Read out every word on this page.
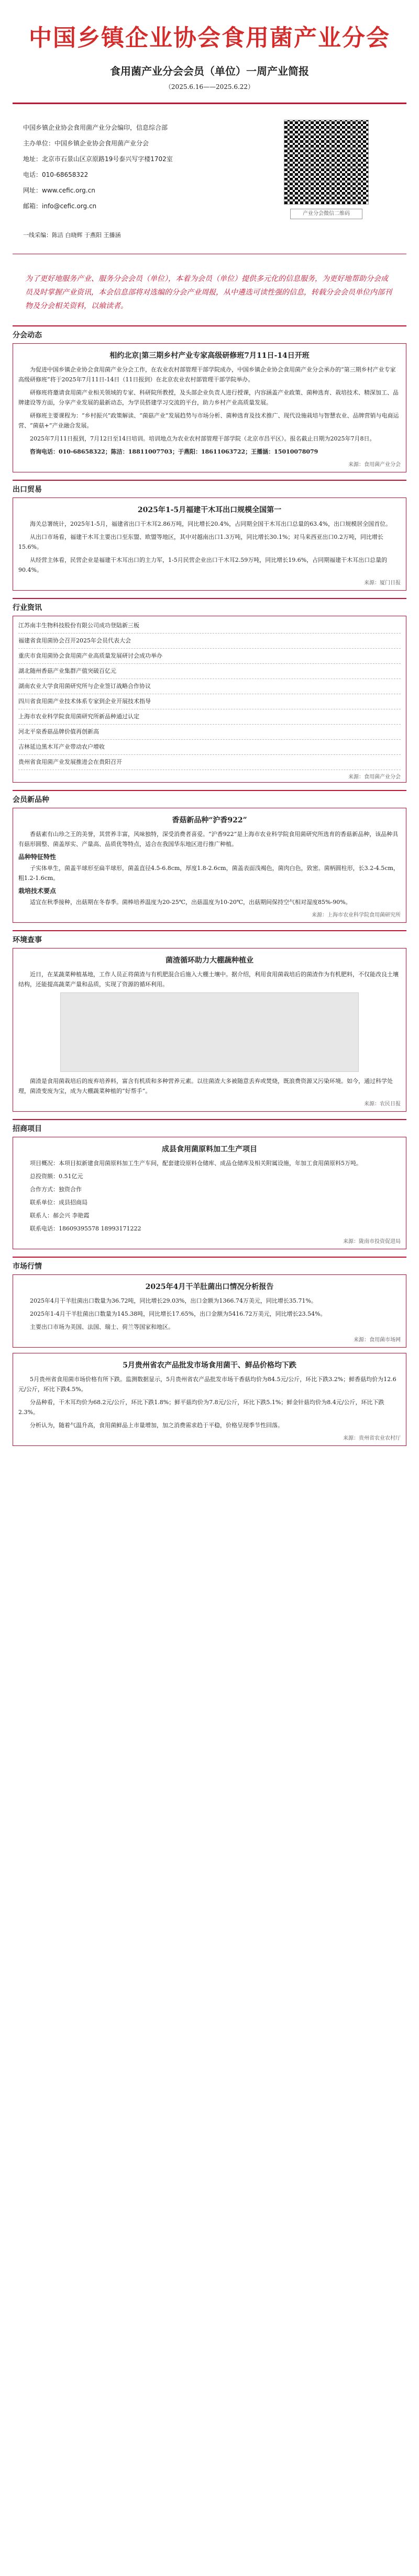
中国乡镇企业协会食用菌产业分会
食用菌产业分会会员（单位）一周产业简报
（2025.6.16——2025.6.22）
中国乡镇企业协会食用菌产业分会编印，信息综合部
主办单位：中国乡镇企业协会食用菌产业分会
地址：北京市石景山区京原路19号泰兴写字楼1702室
电话：010-68658322
网址：www.cefic.org.cn
邮箱：info@cefic.org.cn
产业分会微信二维码
一线采编：陈洁 白晓辉 于燕阳 王播涵
为了更好地服务产业、服务分会会员（单位），本着为会员（单位）提供多元化的信息服务，为更好地帮助分会成员及时掌握产业资讯，本会信息部将对选编的分会产业周报，从中遴选可读性强的信息，转载分会会员单位内部刊物及分会相关资料，以飨读者。
分会动态
相约北京|第三期乡村产业专家高级研修班7月11日-14日开班

为促进中国乡镇企业协会食用菌产业分会工作，在农业农村部管理干部学院成办，中国乡镇企业协会食用菌产业分会承办的“第三期乡村产业专家高级研修班”将于2025年7月11日-14日（11日报到）在北京农业农村部管理干部学院举办。

研修班将邀请食用菌产业相关领域的专家、科研院所教授，及头部企业负责人进行授课，内容涵盖产业政策、菌种选育、栽培技术、精深加工、品牌建设等方面，分享产业发展的最新动态，为学员搭建学习交流的平台，助力乡村产业高质量发展。

研修班主要课程为：“乡村振兴”政策解读、“菌菇产业”发展趋势与市场分析、菌种选育及技术推广、现代设施栽培与智慧农业、品牌营销与电商运营、“菌菇+”产业融合发展。

2025年7月11日报到，7月12日至14日培训。培训地点为农业农村部管理干部学院（北京市昌平区）。报名截止日期为2025年7月8日。

咨询电话：010-68658322；陈洁：18811007703；于燕阳：18611063722；王播涵：15010078079

来源：食用菌产业分会
出口贸易
2025年1-5月福建干木耳出口规模全国第一

海关总署统计，2025年1-5月，福建省出口干木耳2.86万吨，同比增长20.4%，占同期全国干木耳出口总量的63.4%，出口规模居全国首位。

从出口市场看，福建干木耳主要出口至东盟、欧盟等地区，其中对越南出口1.3万吨，同比增长30.1%；对马来西亚出口0.2万吨，同比增长15.6%。

从经营主体看，民营企业是福建干木耳出口的主力军，1-5月民营企业出口干木耳2.59万吨，同比增长19.6%，占同期福建干木耳出口总量的90.4%。

来源：厦门日报
行业资讯
江苏南丰生物科技股份有限公司成功登陆新三板
福建省食用菌协会召开2025年会员代表大会
重庆市食用菌协会食用菌产业高质量发展研讨会成功举办
湖北随州香菇产业集群产值突破百亿元
湖南农业大学食用菌研究所与企业签订战略合作协议
四川省食用菌产业技术体系专家到企业开展技术指导
上海市农业科学院食用菌研究所新品种通过认定
河北平泉香菇品牌价值再创新高
吉林延边黑木耳产业带动农户增收
贵州省食用菌产业发展推进会在贵阳召开
来源：食用菌产业分会
会员新品种
香菇新品种“沪香922”

香菇素有山珍之王的美誉，其营养丰富，风味独特，深受消费者喜爱。“沪香922”是上海市农业科学院食用菌研究所选育的香菇新品种，该品种具有菇形圆整、菌盖厚实、产量高、品质优等特点，适合在我国华东地区进行推广种植。

品种特征特性

子实体单生，菌盖半球形至扁半球形，菌盖直径4.5-6.8cm，厚度1.8-2.6cm，菌盖表面浅褐色，菌肉白色，致密。菌柄圆柱形，长3.2-4.5cm，粗1.2-1.6cm。

栽培技术要点

适宜在秋季接种，出菇期在冬春季。菌棒培养温度为20-25℃，出菇温度为10-20℃，出菇期间保持空气相对湿度85%-90%。

来源：上海市农业科学院食用菌研究所
环境查事
菌渣循环助力大棚蔬种植业

近日，在某蔬菜种植基地，工作人员正将菌渣与有机肥混合后施入大棚土壤中。据介绍，利用食用菌栽培后的菌渣作为有机肥料，不仅能改良土壤结构，还能提高蔬菜产量和品质，实现了资源的循环利用。

菌渣是食用菌栽培后的废弃培养料，富含有机质和多种营养元素。以往菌渣大多被随意丢弃或焚烧，既浪费资源又污染环境。如今，通过科学处理，菌渣变废为宝，成为大棚蔬菜种植的“好帮手”。

来源：农民日报
招商项目
成县食用菌原料加工生产项目

项目概况：本项目拟新建食用菌原料加工生产车间，配套建设原料仓储库、成品仓储库及相关附属设施，年加工食用菌原料5万吨。

总投资额：0.51亿元

合作方式：独资合作

联系单位：成县招商局

联系人：郝会兴 李艳霞

联系电话：18609395578 18993171222

来源：陇南市投资促进局
市场行情
2025年4月干羊肚菌出口情况分析报告

2025年4月干羊肚菌出口数量为36.72吨，同比增长29.03%，出口金额为1366.74万美元，同比增长35.71%。

2025年1-4月干羊肚菌出口数量为145.38吨，同比增长17.65%，出口金额为5416.72万美元，同比增长23.54%。

主要出口市场为美国、法国、瑞士、荷兰等国家和地区。

来源：食用菌市场网
5月贵州省农产品批发市场食用菌干、鲜品价格均下跌

5月贵州省食用菌市场价格有所下跌。监测数据显示，5月贵州省农产品批发市场干香菇均价为84.5元/公斤，环比下跌3.2%；鲜香菇均价为12.6元/公斤，环比下跌4.5%。

分品种看，干木耳均价为68.2元/公斤，环比下跌1.8%；鲜平菇均价为7.8元/公斤，环比下跌5.1%；鲜金针菇均价为8.4元/公斤，环比下跌2.3%。

分析认为，随着气温升高，食用菌鲜品上市量增加，加之消费需求趋于平稳，价格呈现季节性回落。

来源：贵州省农业农村厅
